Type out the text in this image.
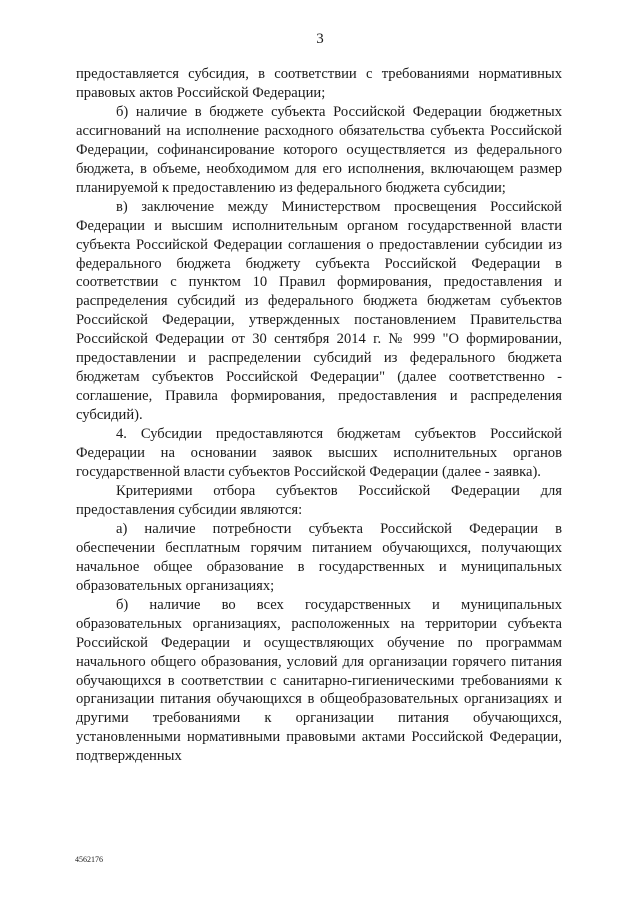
3

предоставляется субсидия, в соответствии с требованиями нормативных правовых актов Российской Федерации;

б) наличие в бюджете субъекта Российской Федерации бюджетных ассигнований на исполнение расходного обязательства субъекта Российской Федерации, софинансирование которого осуществляется из федерального бюджета, в объеме, необходимом для его исполнения, включающем размер планируемой к предоставлению из федерального бюджета субсидии;

в) заключение между Министерством просвещения Российской Федерации и высшим исполнительным органом государственной власти субъекта Российской Федерации соглашения о предоставлении субсидии из федерального бюджета бюджету субъекта Российской Федерации в соответствии с пунктом 10 Правил формирования, предоставления и распределения субсидий из федерального бюджета бюджетам субъектов Российской Федерации, утвержденных постановлением Правительства Российской Федерации от 30 сентября 2014 г. № 999 "О формировании, предоставлении и распределении субсидий из федерального бюджета бюджетам субъектов Российской Федерации" (далее соответственно - соглашение, Правила формирования, предоставления и распределения субсидий).

4. Субсидии предоставляются бюджетам субъектов Российской Федерации на основании заявок высших исполнительных органов государственной власти субъектов Российской Федерации (далее - заявка).

Критериями отбора субъектов Российской Федерации для предоставления субсидии являются:

а) наличие потребности субъекта Российской Федерации в обеспечении бесплатным горячим питанием обучающихся, получающих начальное общее образование в государственных и муниципальных образовательных организациях;

б) наличие во всех государственных и муниципальных образовательных организациях, расположенных на территории субъекта Российской Федерации и осуществляющих обучение по программам начального общего образования, условий для организации горячего питания обучающихся в соответствии с санитарно-гигиеническими требованиями к организации питания обучающихся в общеобразовательных организациях и другими требованиями к организации питания обучающихся, установленными нормативными правовыми актами Российской Федерации, подтвержденных

4562176
